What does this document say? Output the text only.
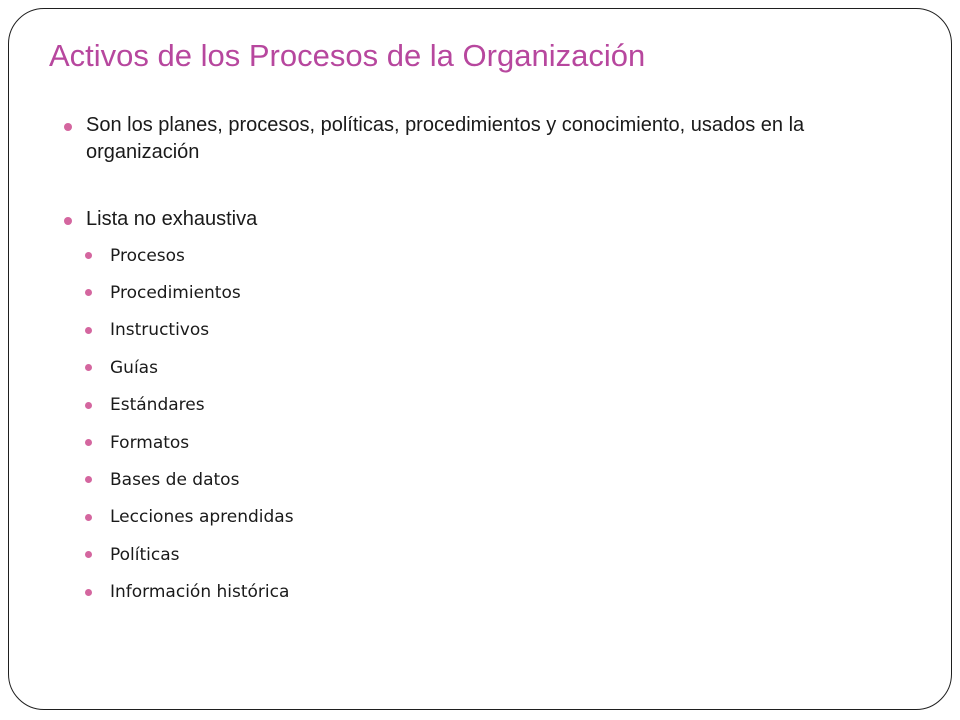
Activos de los Procesos de la Organización
Son los planes, procesos, políticas, procedimientos y conocimiento, usados en la organización
Lista no exhaustiva
Procesos
Procedimientos
Instructivos
Guías
Estándares
Formatos
Bases de datos
Lecciones aprendidas
Políticas
Información histórica
